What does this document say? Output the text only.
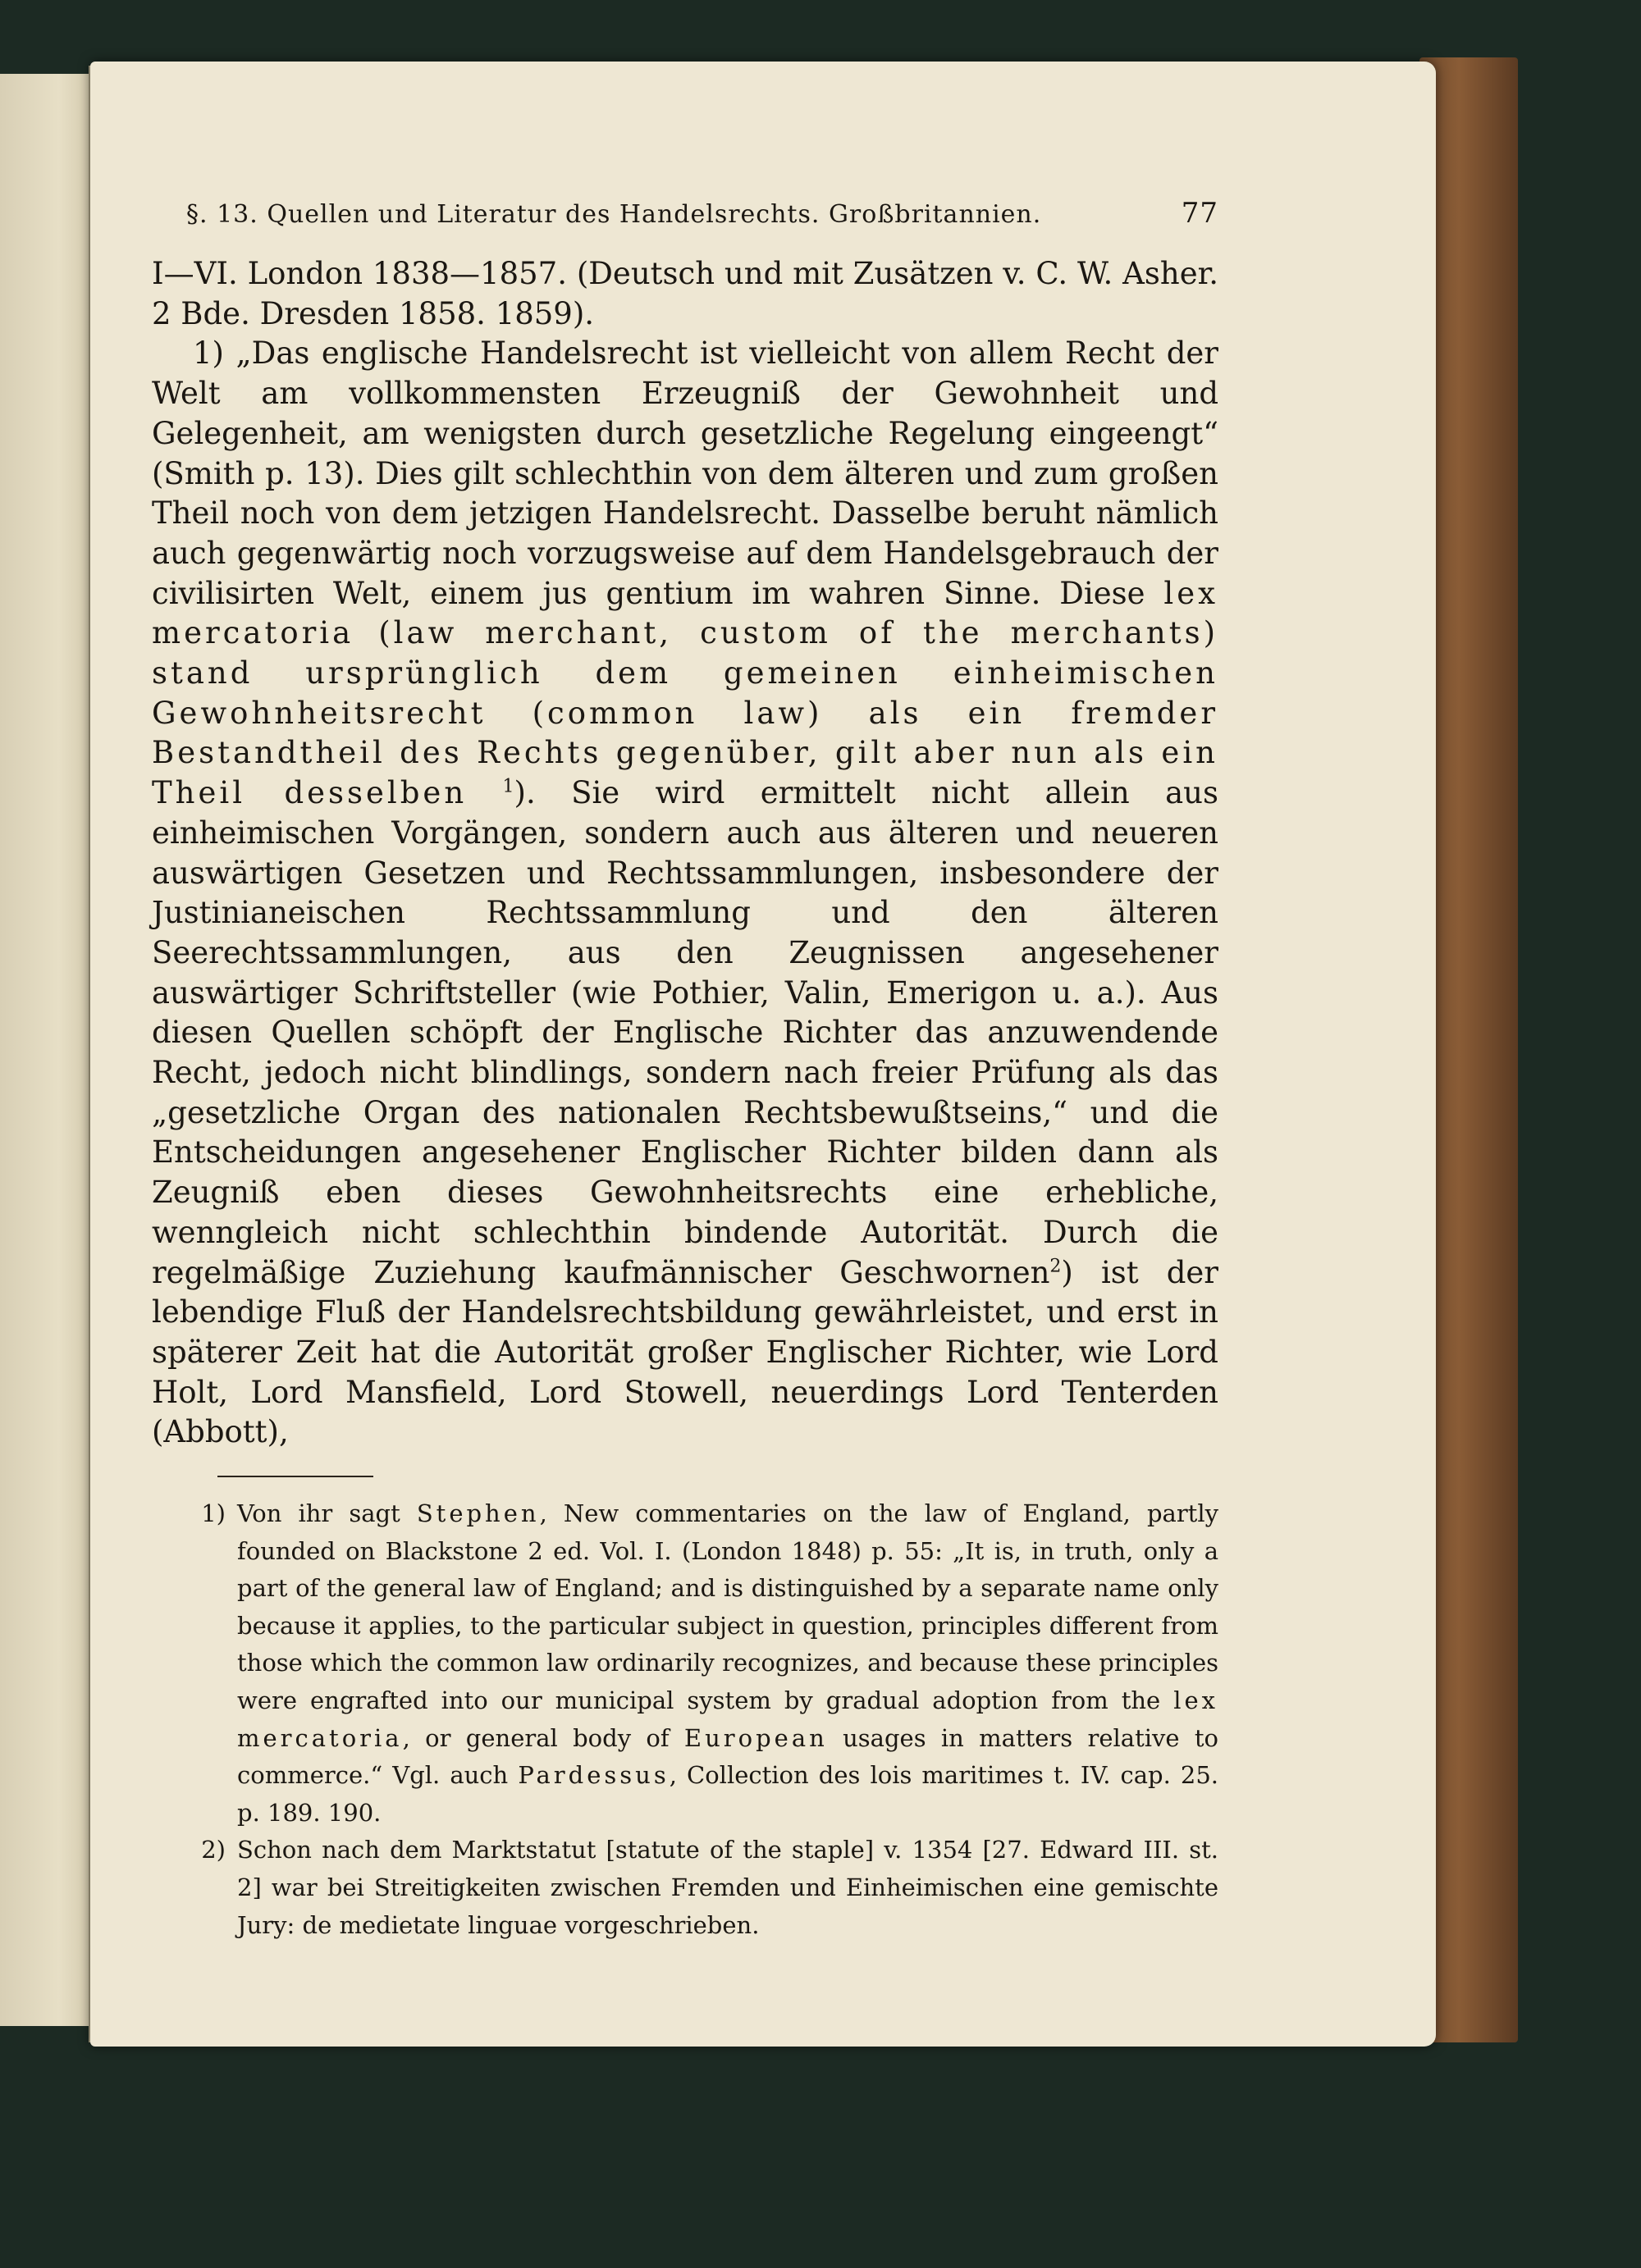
§. 13. Quellen und Literatur des Handelsrechts. Großbritannien.	77

I—VI. London 1838—1857. (Deutsch und mit Zusätzen v. C. W. Asher. 2 Bde. Dresden 1858. 1859).

1) „Das englische Handelsrecht ist vielleicht von allem Recht der Welt am vollkommensten Erzeugniß der Gewohnheit und Gelegenheit, am wenigsten durch gesetzliche Regelung eingeengt“ (Smith p. 13). Dies gilt schlechthin von dem älteren und zum großen Theil noch von dem jetzigen Handelsrecht. Dasselbe beruht nämlich auch gegenwärtig noch vorzugsweise auf dem Handelsgebrauch der civilisirten Welt, einem jus gentium im wahren Sinne. Diese lex mercatoria (law merchant, custom of the merchants) stand ursprünglich dem gemeinen einheimischen Gewohnheitsrecht (common law) als ein fremder Bestandtheil des Rechts gegenüber, gilt aber nun als ein Theil desselben $^1$). Sie wird ermittelt nicht allein aus einheimischen Vorgängen, sondern auch aus älteren und neueren auswärtigen Gesetzen und Rechtssammlungen, insbesondere der Justinianeischen Rechtssammlung und den älteren Seerechtssammlungen, aus den Zeugnissen angesehener auswärtiger Schriftsteller (wie Pothier, Valin, Emerigon u. a.). Aus diesen Quellen schöpft der Englische Richter das anzuwendende Recht, jedoch nicht blindlings, sondern nach freier Prüfung als das „gesetzliche Organ des nationalen Rechtsbewußtseins,“ und die Entscheidungen angesehener Englischer Richter bilden dann als Zeugniß eben dieses Gewohnheitsrechts eine erhebliche, wenngleich nicht schlechthin bindende Autorität. Durch die regelmäßige Zuziehung kaufmännischer Geschwornen$^2$) ist der lebendige Fluß der Handelsrechtsbildung gewährleistet, und erst in späterer Zeit hat die Autorität großer Englischer Richter, wie Lord Holt, Lord Mansfield, Lord Stowell, neuerdings Lord Tenterden (Abbott),

1) Von ihr sagt Stephen, New commentaries on the law of England, partly founded on Blackstone 2 ed. Vol. I. (London 1848) p. 55: „It is, in truth, only a part of the general law of England; and is distinguished by a separate name only because it applies, to the particular subject in question, principles different from those which the common law ordinarily recognizes, and because these principles were engrafted into our municipal system by gradual adoption from the lex mercatoria, or general body of European usages in matters relative to commerce.“ Vgl. auch Pardessus, Collection des lois maritimes t. IV. cap. 25. p. 189. 190.
2) Schon nach dem Marktstatut [statute of the staple] v. 1354 [27. Edward III. st. 2] war bei Streitigkeiten zwischen Fremden und Einheimischen eine gemischte Jury: de medietate linguae vorgeschrieben.
